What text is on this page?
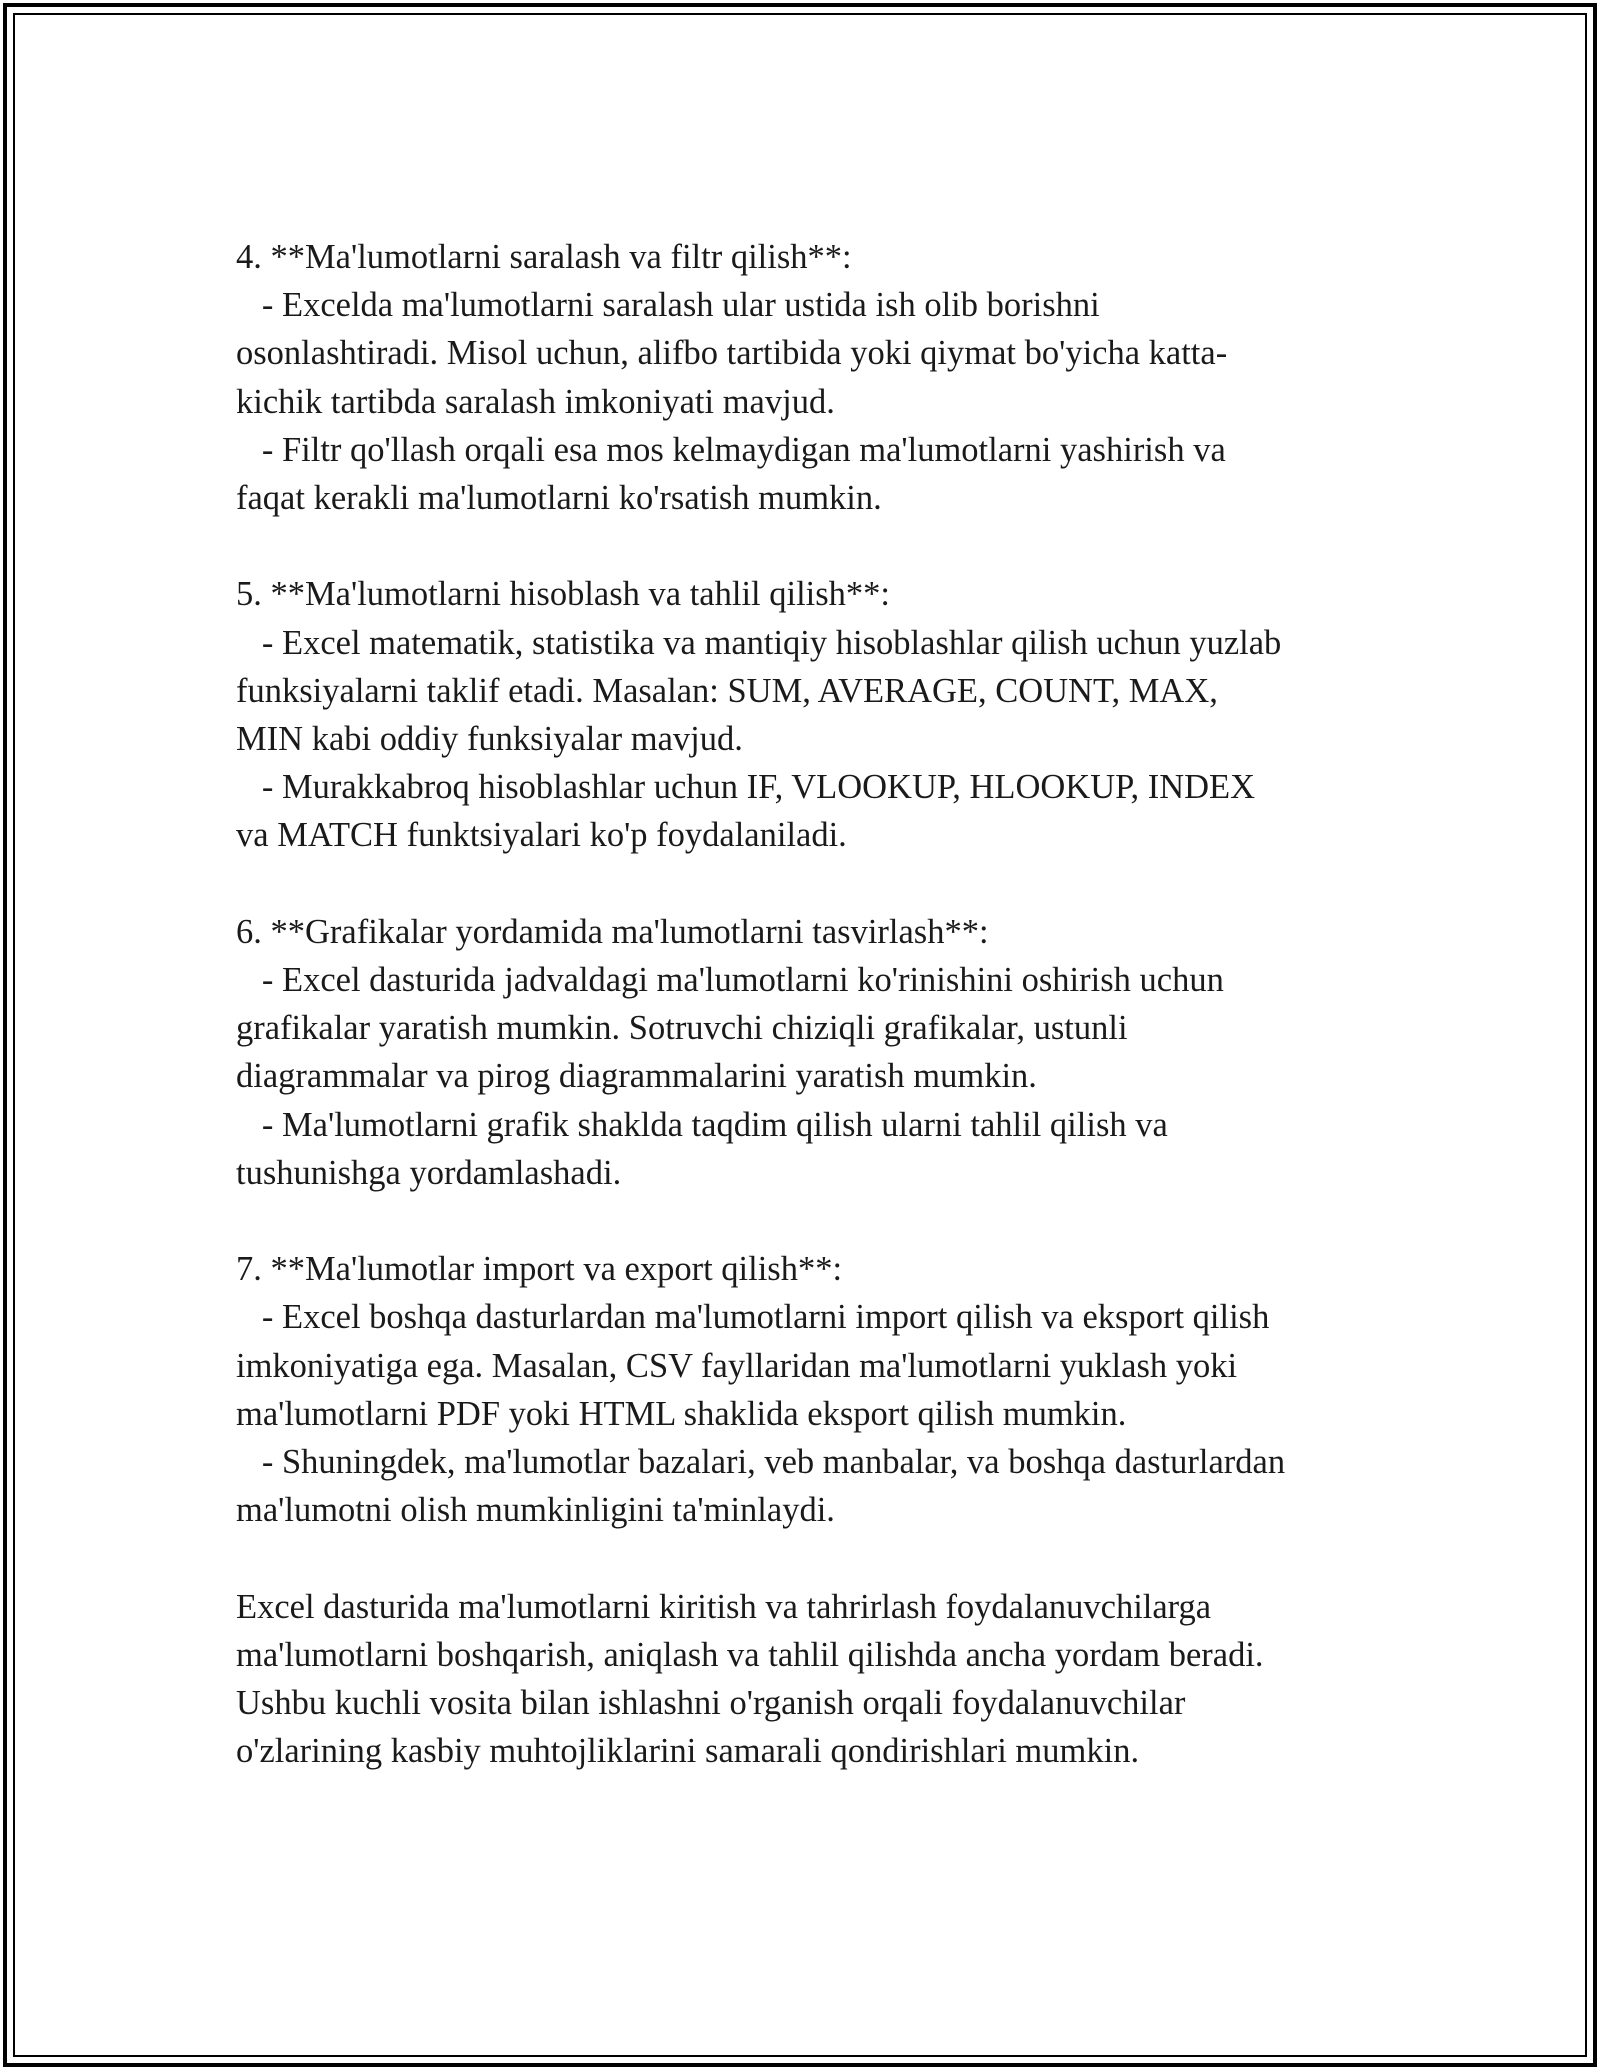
4. **Ma'lumotlarni saralash va filtr qilish**:
- Excelda ma'lumotlarni saralash ular ustida ish olib borishni
osonlashtiradi. Misol uchun, alifbo tartibida yoki qiymat bo'yicha katta-
kichik tartibda saralash imkoniyati mavjud.
- Filtr qo'llash orqali esa mos kelmaydigan ma'lumotlarni yashirish va
faqat kerakli ma'lumotlarni ko'rsatish mumkin.
5. **Ma'lumotlarni hisoblash va tahlil qilish**:
- Excel matematik, statistika va mantiqiy hisoblashlar qilish uchun yuzlab
funksiyalarni taklif etadi. Masalan: SUM, AVERAGE, COUNT, MAX,
MIN kabi oddiy funksiyalar mavjud.
- Murakkabroq hisoblashlar uchun IF, VLOOKUP, HLOOKUP, INDEX
va MATCH funktsiyalari ko'p foydalaniladi.
6. **Grafikalar yordamida ma'lumotlarni tasvirlash**:
- Excel dasturida jadvaldagi ma'lumotlarni ko'rinishini oshirish uchun
grafikalar yaratish mumkin. Sotruvchi chiziqli grafikalar, ustunli
diagrammalar va pirog diagrammalarini yaratish mumkin.
- Ma'lumotlarni grafik shaklda taqdim qilish ularni tahlil qilish va
tushunishga yordamlashadi.
7. **Ma'lumotlar import va export qilish**:
- Excel boshqa dasturlardan ma'lumotlarni import qilish va eksport qilish
imkoniyatiga ega. Masalan, CSV fayllaridan ma'lumotlarni yuklash yoki
ma'lumotlarni PDF yoki HTML shaklida eksport qilish mumkin.
- Shuningdek, ma'lumotlar bazalari, veb manbalar, va boshqa dasturlardan
ma'lumotni olish mumkinligini ta'minlaydi.
Excel dasturida ma'lumotlarni kiritish va tahrirlash foydalanuvchilarga
ma'lumotlarni boshqarish, aniqlash va tahlil qilishda ancha yordam beradi.
Ushbu kuchli vosita bilan ishlashni o'rganish orqali foydalanuvchilar
o'zlarining kasbiy muhtojliklarini samarali qondirishlari mumkin.
